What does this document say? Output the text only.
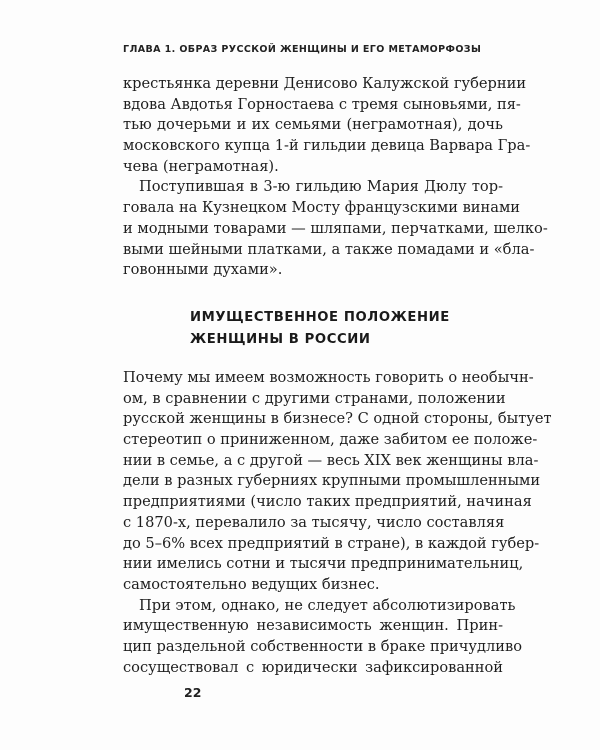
ГЛАВА 1. ОБРАЗ РУССКОЙ ЖЕНЩИНЫ И ЕГО МЕТАМОРФОЗЫ
крестьянка деревни Денисово Калужской губернии
вдова Авдотья Горностаева с тремя сыновьями, пя-
тью дочерьми и их семьями (неграмотная), дочь
московского купца 1-й гильдии девица Варвара Гра-
чева (неграмотная).
Поступившая в 3-ю гильдию Мария Дюлу тор-
говала на Кузнецком Мосту французскими винами
и модными товарами — шляпами, перчатками, шелко-
выми шейными платками, а также помадами и «бла-
говонными духами».
ИМУЩЕСТВЕННОЕ ПОЛОЖЕНИЕ
ЖЕНЩИНЫ В РОССИИ
Почему мы имеем возможность говорить о необычн-
ом, в сравнении с другими странами, положении
русской женщины в бизнесе? С одной стороны, бытует
стереотип о приниженном, даже забитом ее положе-
нии в семье, а с другой — весь XIX век женщины вла-
дели в разных губерниях крупными промышленными
предприятиями (число таких предприятий, начиная
с 1870-х, перевалило за тысячу, число составляя
до 5–6% всех предприятий в стране), в каждой губер-
нии имелись сотни и тысячи предпринимательниц,
самостоятельно ведущих бизнес.
При этом, однако, не следует абсолютизировать
имущественную независимость женщин. Прин-
цип раздельной собственности в браке причудливо
сосуществовал с юридически зафиксированной
22
